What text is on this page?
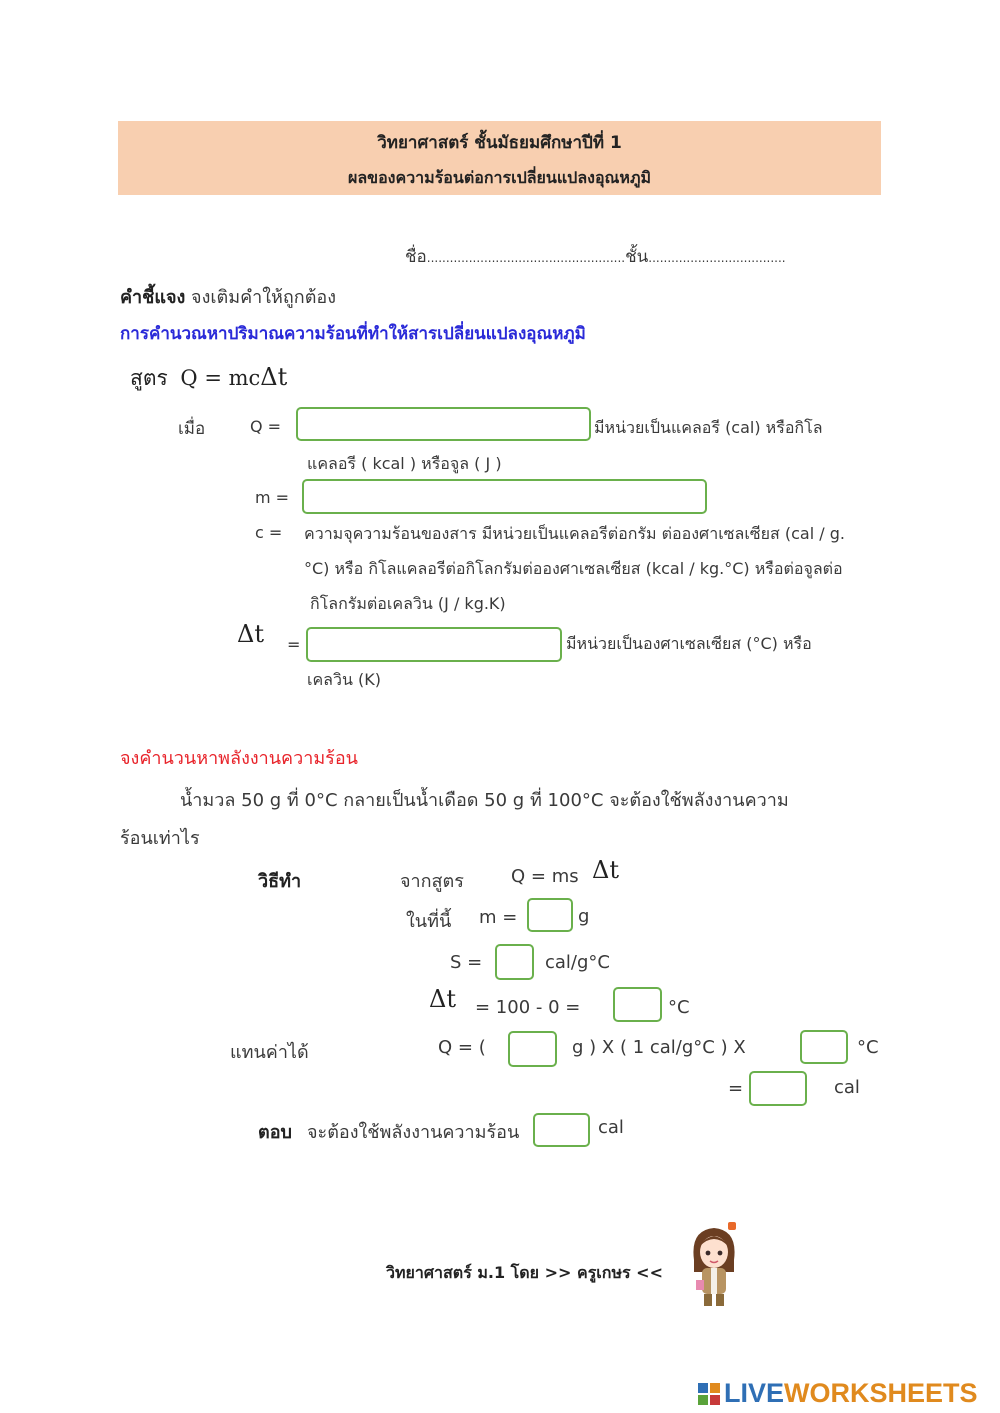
วิทยาศาสตร์ ชั้นมัธยมศึกษาปีที่ 1
ผลของความร้อนต่อการเปลี่ยนแปลงอุณหภูมิ
ชื่อ....................................................ชั้น....................................
คำชี้แจง จงเติมคำให้ถูกต้อง
การคำนวณหาปริมาณความร้อนที่ทำให้สารเปลี่ยนแปลงอุณหภูมิ
สูตร Q = mcΔt
เมื่อ	Q =	มีหน่วยเป็นแคลอรี (cal) หรือกิโล
แคลอรี ( kcal ) หรือจูล ( J )
m =
c = ความจุความร้อนของสาร มีหน่วยเป็นแคลอรีต่อกรัม ต่อองศาเซลเซียส (cal / g.
°C) หรือ กิโลแคลอรีต่อกิโลกรัมต่อองศาเซลเซียส (kcal / kg.°C) หรือต่อจูลต่อ
กิโลกรัมต่อเคลวิน (J / kg.K)
Δt =	มีหน่วยเป็นองศาเซลเซียส (°C) หรือ
เคลวิน (K)
จงคำนวนหาพลังงานความร้อน
น้ำมวล 50 g ที่ 0°C กลายเป็นน้ำเดือด 50 g ที่ 100°C จะต้องใช้พลังงานความ
ร้อนเท่าไร
วิธีทำ	จากสูตร	Q = ms Δt
ในที่นี้ m =	g
S =	cal/g°C
Δt = 100 - 0 =	°C
แทนค่าได้	Q = (	g ) X ( 1 cal/g°C ) X	°C
=	cal
ตอบ จะต้องใช้พลังงานความร้อน	cal
วิทยาศาสตร์ ม.1 โดย >> ครูเกษร <<
LIVEWORKSHEETS
